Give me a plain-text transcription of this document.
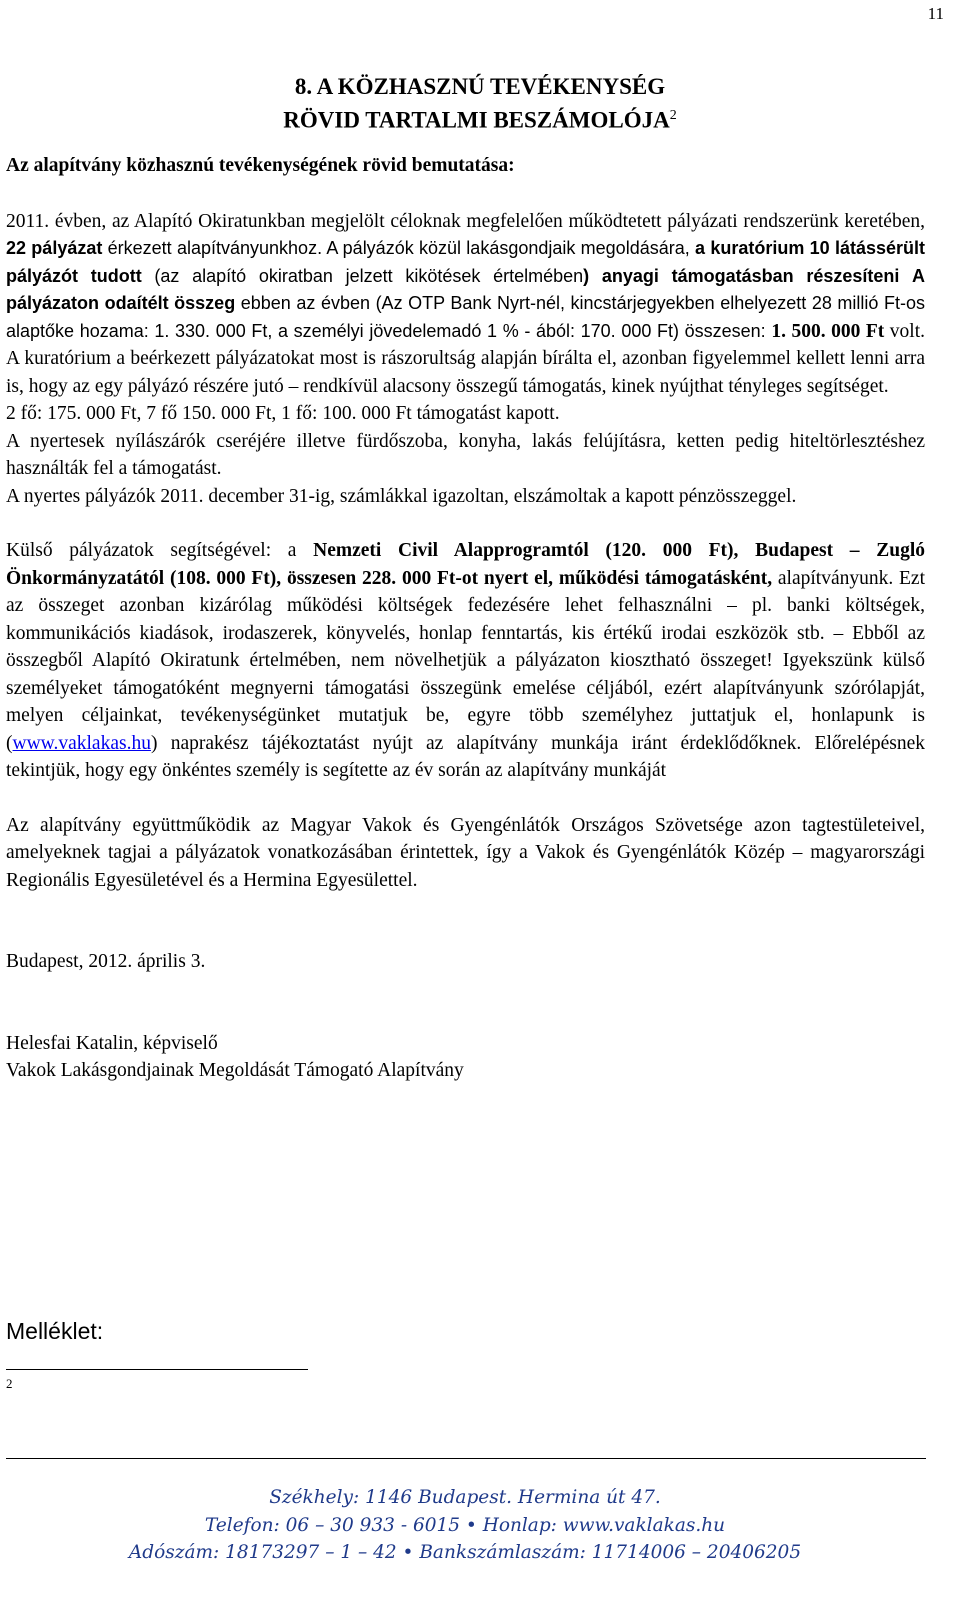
11
8. A KÖZHASZNÚ TEVÉKENYSÉG
RÖVID TARTALMI BESZÁMOLÓJA$^2$

Az alapítvány közhasznú tevékenységének rövid bemutatása:

2011. évben, az Alapító Okiratunkban megjelölt céloknak megfelelően működtetett pályázati rendszerünk keretében, 22 pályázat érkezett alapítványunkhoz. A pályázók közül lakásgondjaik megoldására, a kuratórium 10 látássérült pályázót tudott (az alapító okiratban jelzett kikötések értelmében) anyagi támogatásban részesíteni A pályázaton odaítélt összeg ebben az évben (Az OTP Bank Nyrt-nél, kincstárjegyekben elhelyezett 28 millió Ft-os alaptőke hozama: 1. 330. 000 Ft, a személyi jövedelemadó 1 % - ából: 170. 000 Ft) összesen: 1. 500. 000 Ft volt. A kuratórium a beérkezett pályázatokat most is rászorultság alapján bírálta el, azonban figyelemmel kellett lenni arra is, hogy az egy pályázó részére jutó – rendkívül alacsony összegű támogatás, kinek nyújthat tényleges segítséget.

2 fő: 175. 000 Ft, 7 fő 150. 000 Ft, 1 fő: 100. 000 Ft támogatást kapott.

A nyertesek nyílászárók cseréjére illetve fürdőszoba, konyha, lakás felújításra, ketten pedig hiteltörlesztéshez használták fel a támogatást.

A nyertes pályázók 2011. december 31-ig, számlákkal igazoltan, elszámoltak a kapott pénzösszeggel.

Külső pályázatok segítségével: a Nemzeti Civil Alapprogramtól (120. 000 Ft), Budapest – Zugló Önkormányzatától (108. 000 Ft), összesen 228. 000 Ft-ot nyert el, működési támogatásként, alapítványunk. Ezt az összeget azonban kizárólag működési költségek fedezésére lehet felhasználni – pl. banki költségek, kommunikációs kiadások, irodaszerek, könyvelés, honlap fenntartás, kis értékű irodai eszközök stb. – Ebből az összegből Alapító Okiratunk értelmében, nem növelhetjük a pályázaton kiosztható összeget! Igyekszünk külső személyeket támogatóként megnyerni támogatási összegünk emelése céljából, ezért alapítványunk szórólapját, melyen céljainkat, tevékenységünket mutatjuk be, egyre több személyhez juttatjuk el, honlapunk is (www.vaklakas.hu) naprakész tájékoztatást nyújt az alapítvány munkája iránt érdeklődőknek. Előrelépésnek tekintjük, hogy egy önkéntes személy is segítette az év során az alapítvány munkáját

Az alapítvány együttműködik az Magyar Vakok és Gyengénlátók Országos Szövetsége azon tagtestületeivel, amelyeknek tagjai a pályázatok vonatkozásában érintettek, így a Vakok és Gyengénlátók Közép – magyarországi Regionális Egyesületével és a Hermina Egyesülettel.

Budapest, 2012. április 3.

Helesfai Katalin, képviselő

Vakok Lakásgondjainak Megoldását Támogató Alapítvány

Melléklet:
2
Székhely: 1146 Budapest. Hermina út 47.
Telefon: 06 – 30 933 - 6015 • Honlap: www.vaklakas.hu
Adószám: 18173297 – 1 – 42 • Bankszámlaszám: 11714006 – 20406205
